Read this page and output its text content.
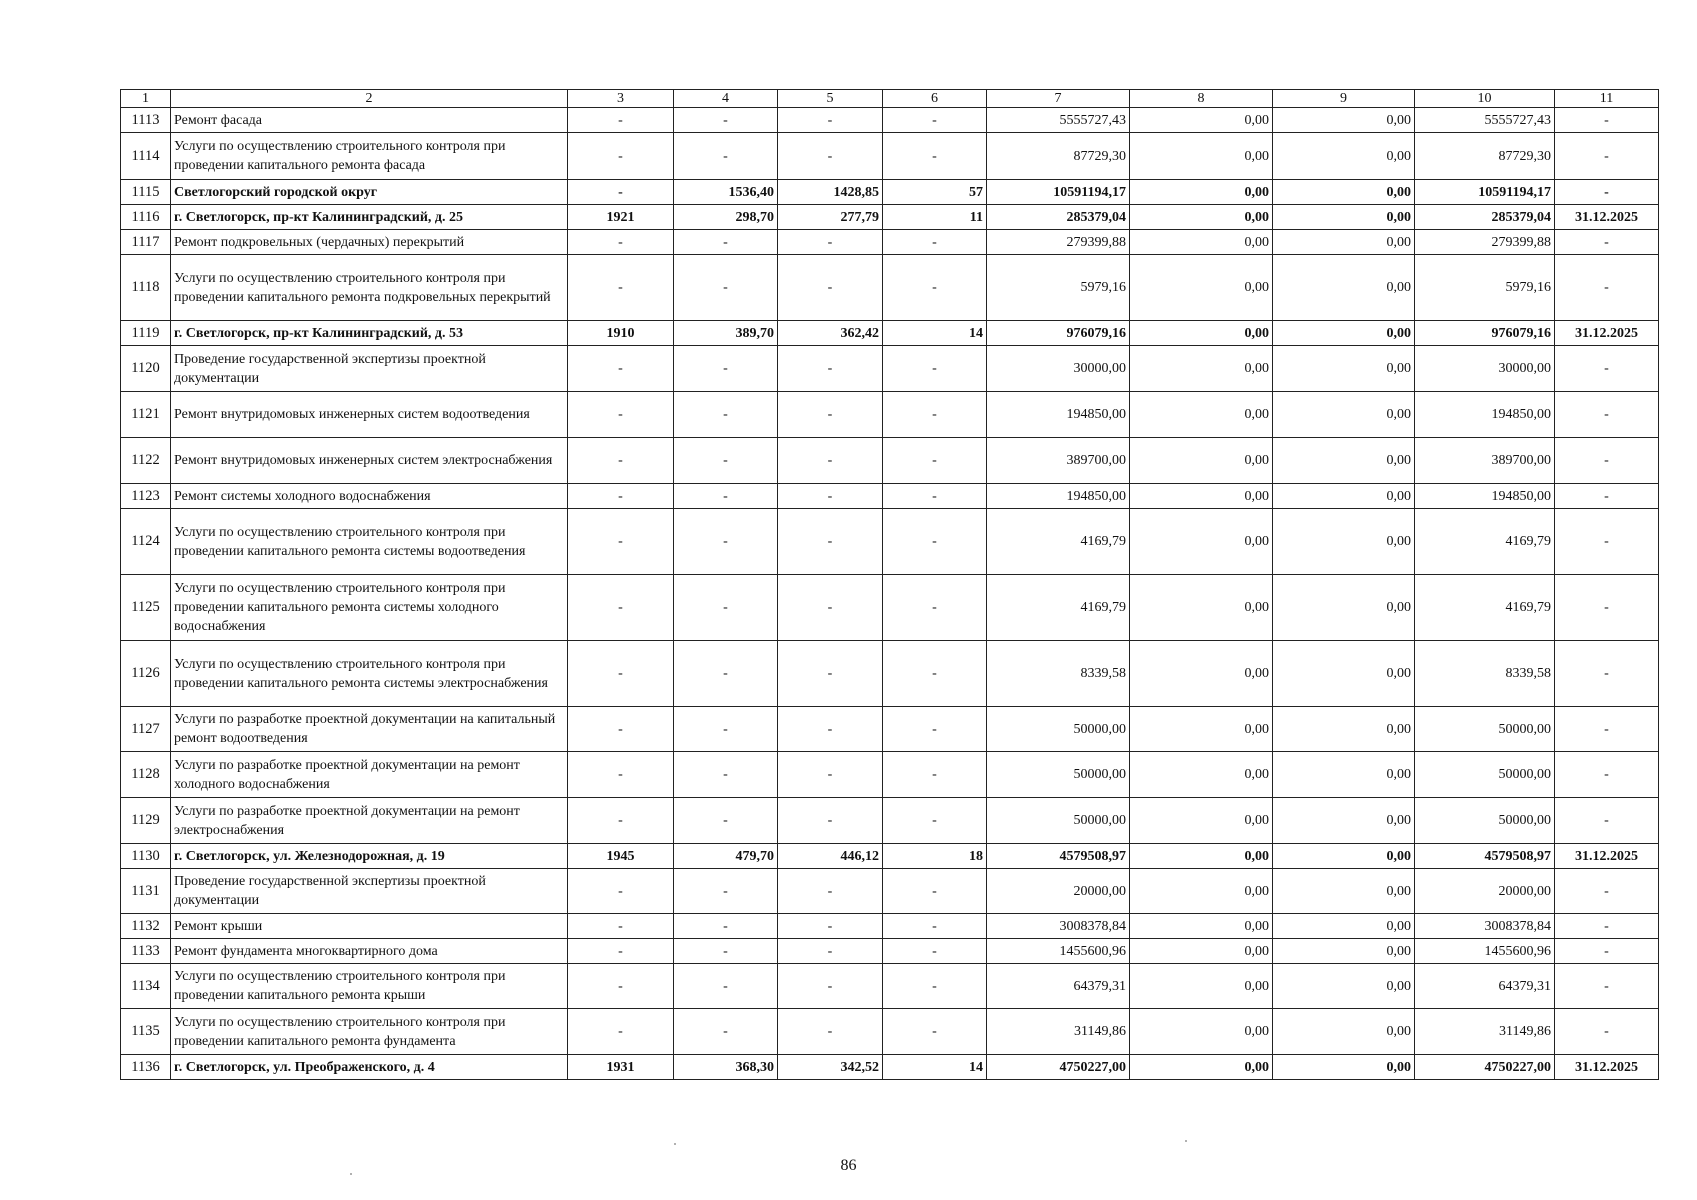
1	2	3	4	5	6	7	8	9	10	11
1113	Ремонт фасада	-	-	-	-	5555727,43	0,00	0,00	5555727,43	-
1114	Услуги по осуществлению строительного контроля при проведении капитального ремонта фасада	-	-	-	-	87729,30	0,00	0,00	87729,30	-
1115	Светлогорский городской округ	-	1536,40	1428,85	57	10591194,17	0,00	0,00	10591194,17	-
1116	г. Светлогорск, пр-кт Калининградский, д. 25	1921	298,70	277,79	11	285379,04	0,00	0,00	285379,04	31.12.2025
1117	Ремонт подкровельных (чердачных) перекрытий	-	-	-	-	279399,88	0,00	0,00	279399,88	-
1118	Услуги по осуществлению строительного контроля при проведении капитального ремонта подкровельных перекрытий	-	-	-	-	5979,16	0,00	0,00	5979,16	-
1119	г. Светлогорск, пр-кт Калининградский, д. 53	1910	389,70	362,42	14	976079,16	0,00	0,00	976079,16	31.12.2025
1120	Проведение государственной экспертизы проектной документации	-	-	-	-	30000,00	0,00	0,00	30000,00	-
1121	Ремонт внутридомовых инженерных систем водоотведения	-	-	-	-	194850,00	0,00	0,00	194850,00	-
1122	Ремонт внутридомовых инженерных систем электроснабжения	-	-	-	-	389700,00	0,00	0,00	389700,00	-
1123	Ремонт системы холодного водоснабжения	-	-	-	-	194850,00	0,00	0,00	194850,00	-
1124	Услуги по осуществлению строительного контроля при проведении капитального ремонта системы водоотведения	-	-	-	-	4169,79	0,00	0,00	4169,79	-
1125	Услуги по осуществлению строительного контроля при проведении капитального ремонта системы холодного водоснабжения	-	-	-	-	4169,79	0,00	0,00	4169,79	-
1126	Услуги по осуществлению строительного контроля при проведении капитального ремонта системы электроснабжения	-	-	-	-	8339,58	0,00	0,00	8339,58	-
1127	Услуги по разработке проектной документации на капитальный ремонт водоотведения	-	-	-	-	50000,00	0,00	0,00	50000,00	-
1128	Услуги по разработке проектной документации на ремонт холодного водоснабжения	-	-	-	-	50000,00	0,00	0,00	50000,00	-
1129	Услуги по разработке проектной документации на ремонт электроснабжения	-	-	-	-	50000,00	0,00	0,00	50000,00	-
1130	г. Светлогорск, ул. Железнодорожная, д. 19	1945	479,70	446,12	18	4579508,97	0,00	0,00	4579508,97	31.12.2025
1131	Проведение государственной экспертизы проектной документации	-	-	-	-	20000,00	0,00	0,00	20000,00	-
1132	Ремонт крыши	-	-	-	-	3008378,84	0,00	0,00	3008378,84	-
1133	Ремонт фундамента многоквартирного дома	-	-	-	-	1455600,96	0,00	0,00	1455600,96	-
1134	Услуги по осуществлению строительного контроля при проведении капитального ремонта крыши	-	-	-	-	64379,31	0,00	0,00	64379,31	-
1135	Услуги по осуществлению строительного контроля при проведении капитального ремонта фундамента	-	-	-	-	31149,86	0,00	0,00	31149,86	-
1136	г. Светлогорск, ул. Преображенского, д. 4	1931	368,30	342,52	14	4750227,00	0,00	0,00	4750227,00	31.12.2025
86
